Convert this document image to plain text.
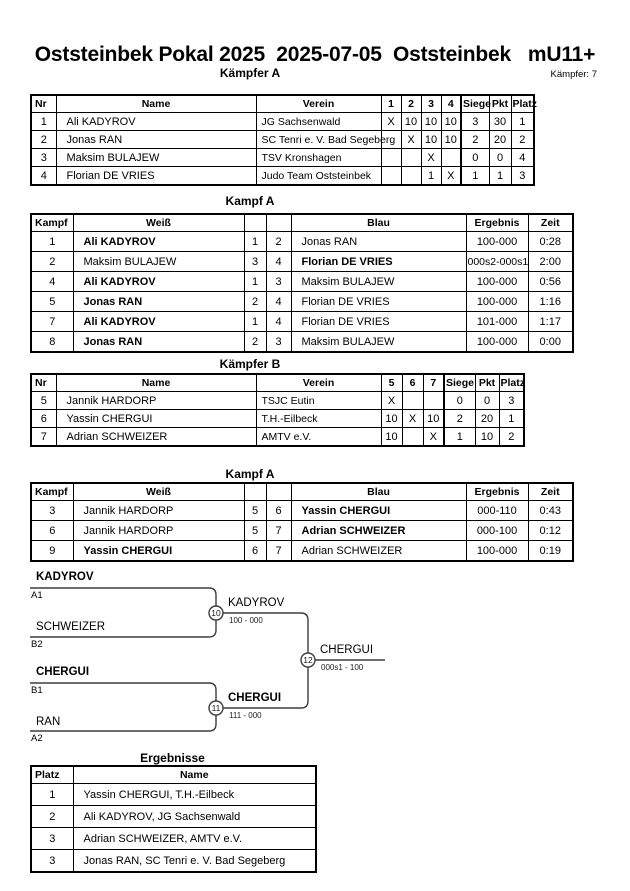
Oststeinbek Pokal 2025  2025-07-05  Oststeinbek   mU11+
Kämpfer A	Kämpfer: 7
Nr	Name	Verein	1	2	3	4	Siege	Pkt	Platz
1	Ali KADYROV	JG Sachsenwald	X	10	10	10	3	30	1
2	Jonas RAN	SC Tenri e. V. Bad Segeberg		X	10	10	2	20	2
3	Maksim BULAJEW	TSV Kronshagen			X		0	0	4
4	Florian DE VRIES	Judo Team Oststeinbek			1	X	1	1	3
Kampf A
Kampf	Weiß			Blau	Ergebnis	Zeit
1	Ali KADYROV	1	2	Jonas RAN	100-000	0:28
2	Maksim BULAJEW	3	4	Florian DE VRIES	000s2-000s1	2:00
4	Ali KADYROV	1	3	Maksim BULAJEW	100-000	0:56
5	Jonas RAN	2	4	Florian DE VRIES	100-000	1:16
7	Ali KADYROV	1	4	Florian DE VRIES	101-000	1:17
8	Jonas RAN	2	3	Maksim BULAJEW	100-000	0:00
Kämpfer B
Nr	Name	Verein	5	6	7	Siege	Pkt	Platz
5	Jannik HARDORP	TSJC Eutin	X			0	0	3
6	Yassin CHERGUI	T.H.-Eilbeck	10	X	10	2	20	1
7	Adrian SCHWEIZER	AMTV e.V.	10		X	1	10	2
Kampf A
Kampf	Weiß			Blau	Ergebnis	Zeit
3	Jannik HARDORP	5	6	Yassin CHERGUI	000-110	0:43
6	Jannik HARDORP	5	7	Adrian SCHWEIZER	000-100	0:12
9	Yassin CHERGUI	6	7	Adrian SCHWEIZER	100-000	0:19
10
11
12
KADYROV
A1
SCHWEIZER
B2
KADYROV
100 - 000
CHERGUI
B1
RAN
A2
CHERGUI
111 - 000
CHERGUI
000s1 - 100
Ergebnisse
Platz	Name
1	Yassin CHERGUI, T.H.-Eilbeck
2	Ali KADYROV, JG Sachsenwald
3	Adrian SCHWEIZER, AMTV e.V.
3	Jonas RAN, SC Tenri e. V. Bad Segeberg
